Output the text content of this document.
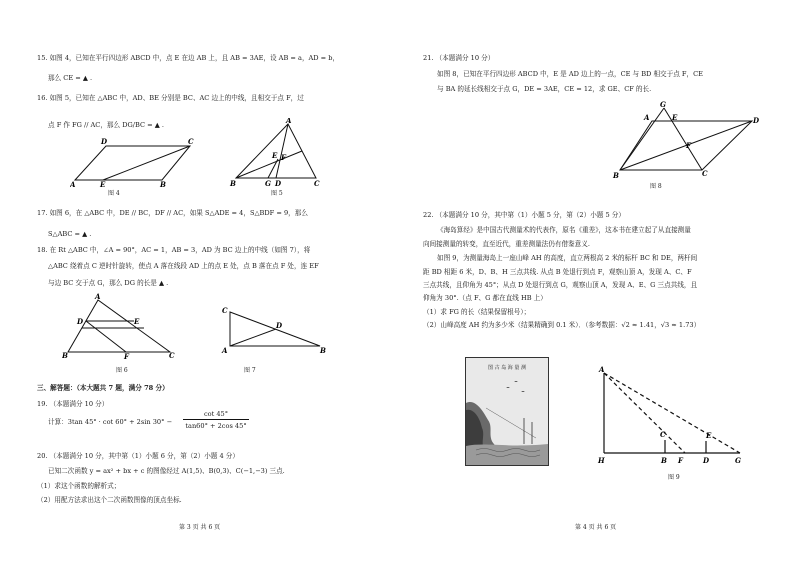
15. 如图 4，已知在平行四边形 ABCD 中，点 E 在边 AB 上，且 AB = 3AE，设 AB = a，AD = b，
那么 CE = ▲ .
16. 如图 5，已知在 △ABC 中，AD、BE 分别是 BC、AC 边上的中线，且相交于点 F，过
点 F 作 FG // AC，那么 DG/BC = ▲ .
D	C
A	E	B
图 4
A
E F
B	G D	C
图 5
17. 如图 6，在 △ABC 中，DE // BC，DF // AC，如果 S△ADE = 4，S△BDF = 9，那么
S△ABC = ▲ .
18. 在 Rt △ABC 中，∠A = 90°，AC = 1，AB = 3，AD 为 BC 边上的中线（如图 7），将
△ABC 绕着点 C 逆时针旋转，使点 A 落在线段 AD 上的点 E 处，点 B 落在点 F 处，连 EF
与边 BC 交于点 G，那么 DG 的长是 ▲ .
A
D	E
B	F	C
图 6
C
D
A	B
图 7
三、解答题：（本大题共 7 题，满分 78 分）
19. （本题满分 10 分）
计算：3tan 45° · cot 60° + 2sin 30° −
cot 45°
tan60° + 2cos 45°
20. （本题满分 10 分，其中第（1）小题 6 分，第（2）小题 4 分）
已知二次函数 y = ax² + bx + c 的图像经过 A(1,5)、B(0,3)、C(−1,−3) 三点.
（1）求这个函数的解析式；
（2）用配方法求出这个二次函数图像的顶点坐标.
第 3 页 共 6 页
21. （本题满分 10 分）
如图 8，已知在平行四边形 ABCD 中，E 是 AD 边上的一点，CE 与 BD 相交于点 F，CE
与 BA 的延长线相交于点 G，DE = 3AE，CE = 12，求 GE、CF 的长.
G
A	E	D
F
B	C
图 8
22. （本题满分 10 分，其中第（1）小题 5 分，第（2）小题 5 分）
《海岛算经》是中国古代测量术的代表作，原名《重差》，这本书在建立起了从直接测量
向间接测量的转变，直至近代，重差测量法仍有借鉴意义.
如图 9，为测量海岛上一座山峰 AH 的高度，直立两根高 2 米的标杆 BC 和 DE，两杆间
距 BD 相距 6 米，D、B、H 三点共线. 从点 B 处退行到点 F，观察山顶 A，发现 A、C、F
三点共线，且仰角为 45°；从点 D 处退行到点 G，观察山顶 A，发现 A、E、G 三点共线，且
仰角为 30°.（点 F、G 都在直线 HB 上）
（1）求 FG 的长（结果保留根号）；
（2）山峰高度 AH 约为多少米（结果精确到 0.1 米）．（参考数据：√2 ≈ 1.41，√3 ≈ 1.73）
图 古 岛 海 量 测	A
C	E
H	B F	D	G
图 9
第 4 页 共 6 页
